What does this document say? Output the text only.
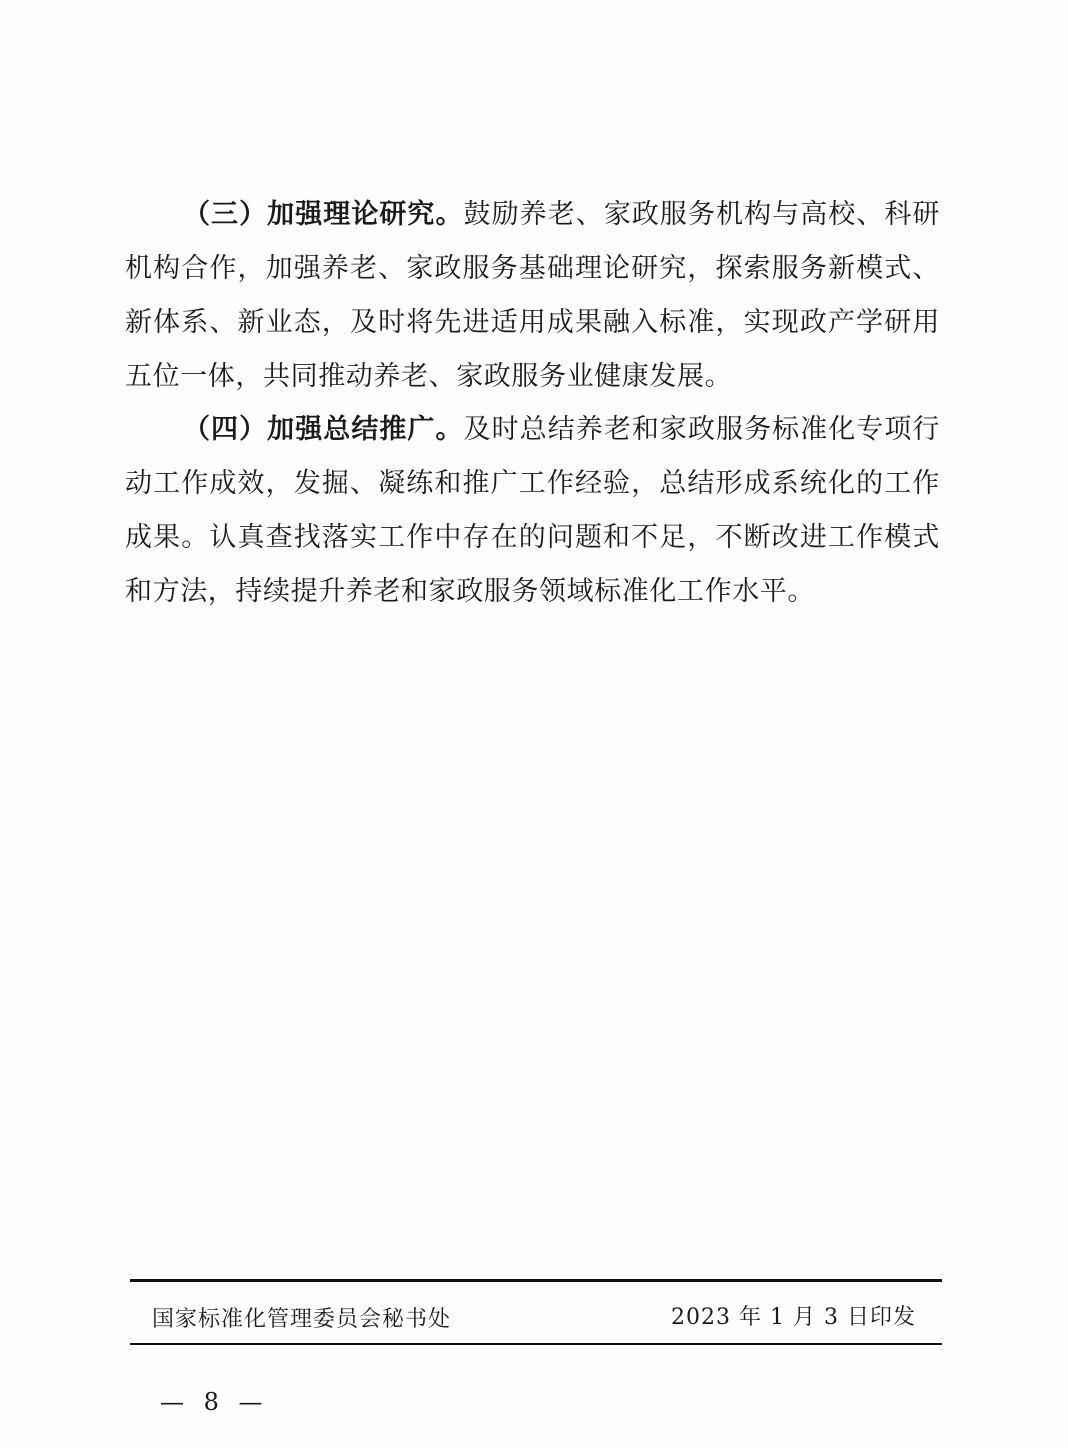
（三）加强理论研究。鼓励养老、家政服务机构与高校、科研机构合作，加强养老、家政服务基础理论研究，探索服务新模式、新体系、新业态，及时将先进适用成果融入标准，实现政产学研用五位一体，共同推动养老、家政服务业健康发展。

（四）加强总结推广。及时总结养老和家政服务标准化专项行动工作成效，发掘、凝练和推广工作经验，总结形成系统化的工作成果。认真查找落实工作中存在的问题和不足，不断改进工作模式和方法，持续提升养老和家政服务领域标准化工作水平。

国家标准化管理委员会秘书处	2023 年 1 月 3 日印发
— 8 —
